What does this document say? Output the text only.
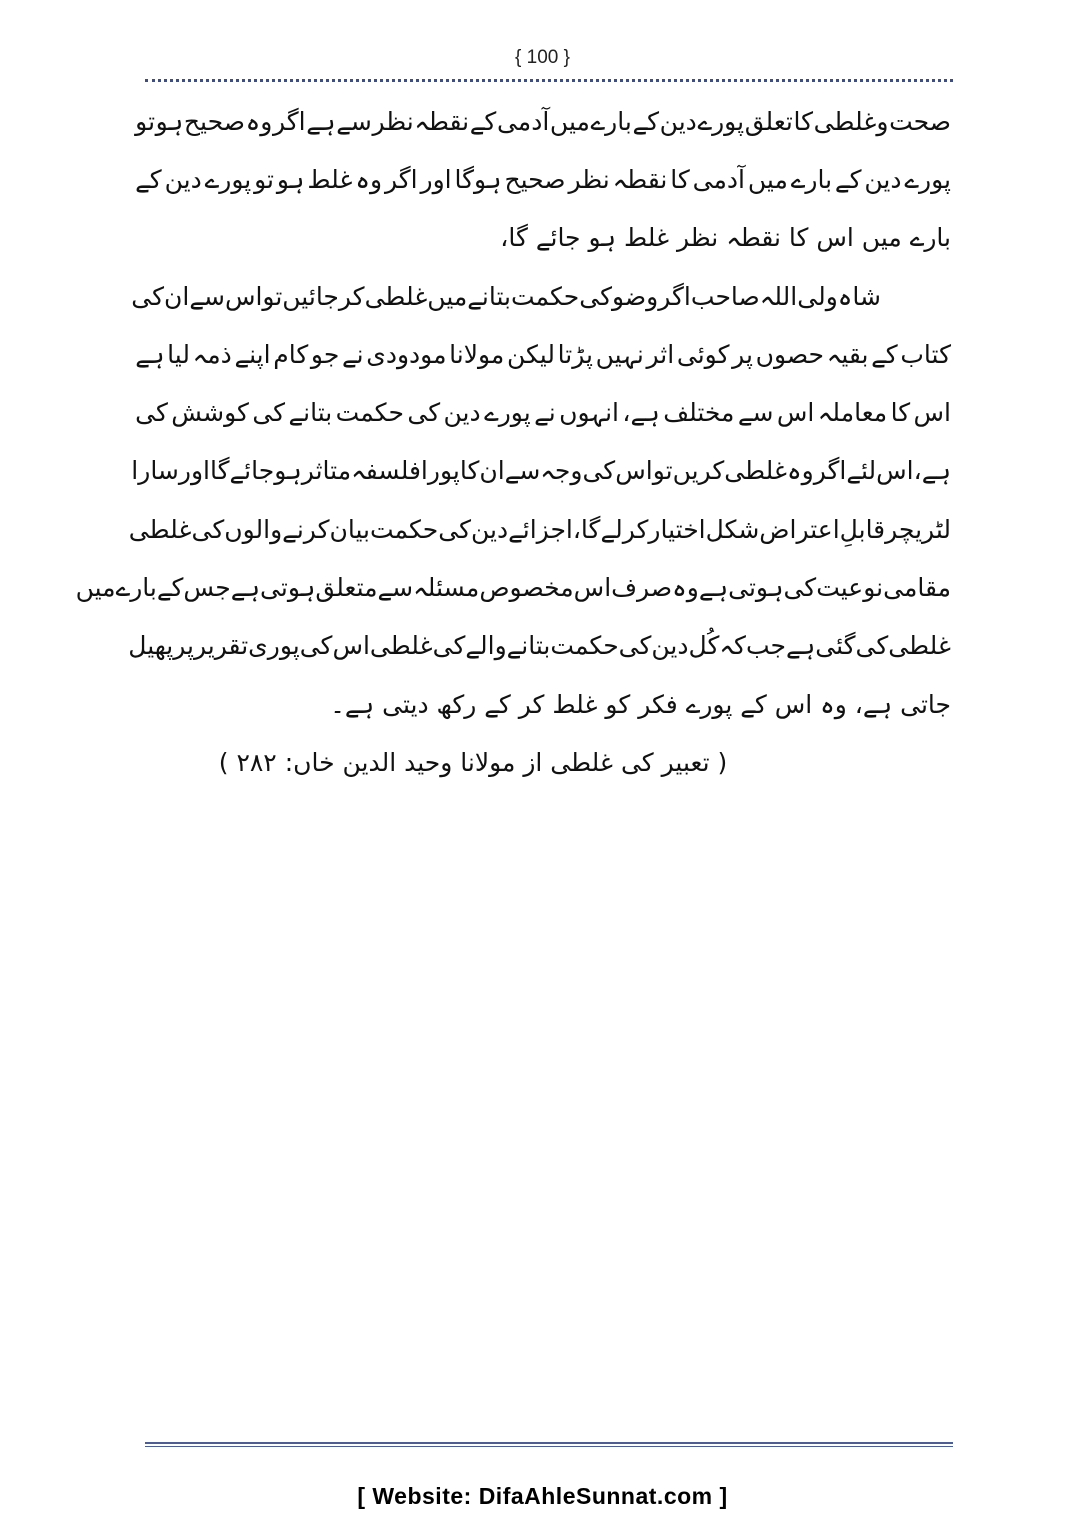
{ 100 }
صحت
وغلطی
کا
تعلق
پورے
دین
کے
بارے
میں
آدمی
کے
نقطہ
نظر
سے
ہے
اگر
وہ
صحیح
ہو
تو
پورے
دین
کے
بارے
میں
آدمی
کا
نقطہ
نظر
صحیح
ہوگا
اور
اگر
وہ
غلط
ہو
تو
پورے
دین
کے
بارے میں اس کا نقطہ نظر غلط ہو جائے گا،
شاہ
ولی
اللہ
صاحب
اگر
وضو
کی
حکمت
بتانے
میں
غلطی
کر
جائیں
تو
اس
سے
ان
کی
کتاب
کے
بقیہ
حصوں
پر
کوئی
اثر
نہیں
پڑتا
لیکن
مولانا
مودودی
نے
جو
کام
اپنے
ذمہ
لیا
ہے
اس
کا
معاملہ
اس
سے
مختلف
ہے،
انہوں
نے
پورے
دین
کی
حکمت
بتانے
کی
کوشش
کی
ہے،
اس
لئے
اگر
وہ
غلطی
کریں
تو
اس
کی
وجہ
سے
ان
کا
پورا
فلسفہ
متاثر
ہو
جائے
گا
اور
سارا
لٹریچر
قابلِ
اعتراض
شکل
اختیار
کر
لے
گا،
اجزائے
دین
کی
حکمت
بیان
کرنے
والوں
کی
غلطی
مقامی
نوعیت
کی
ہوتی
ہے
وہ
صرف
اس
مخصوص
مسئلہ
سے
متعلق
ہوتی
ہے
جس
کے
بارے
میں
غلطی
کی
گئی
ہے
جب
کہ
کُل
دین
کی
حکمت
بتانے
والے
کی
غلطی
اس
کی
پوری
تقریر
پر
پھیل
جاتی ہے، وہ اس کے پورے فکر کو غلط کر کے رکھ دیتی ہے۔
( تعبیر کی غلطی از مولانا وحید الدین خاں: ۲۸۲ )
[ Website: DifaAhleSunnat.com ]
